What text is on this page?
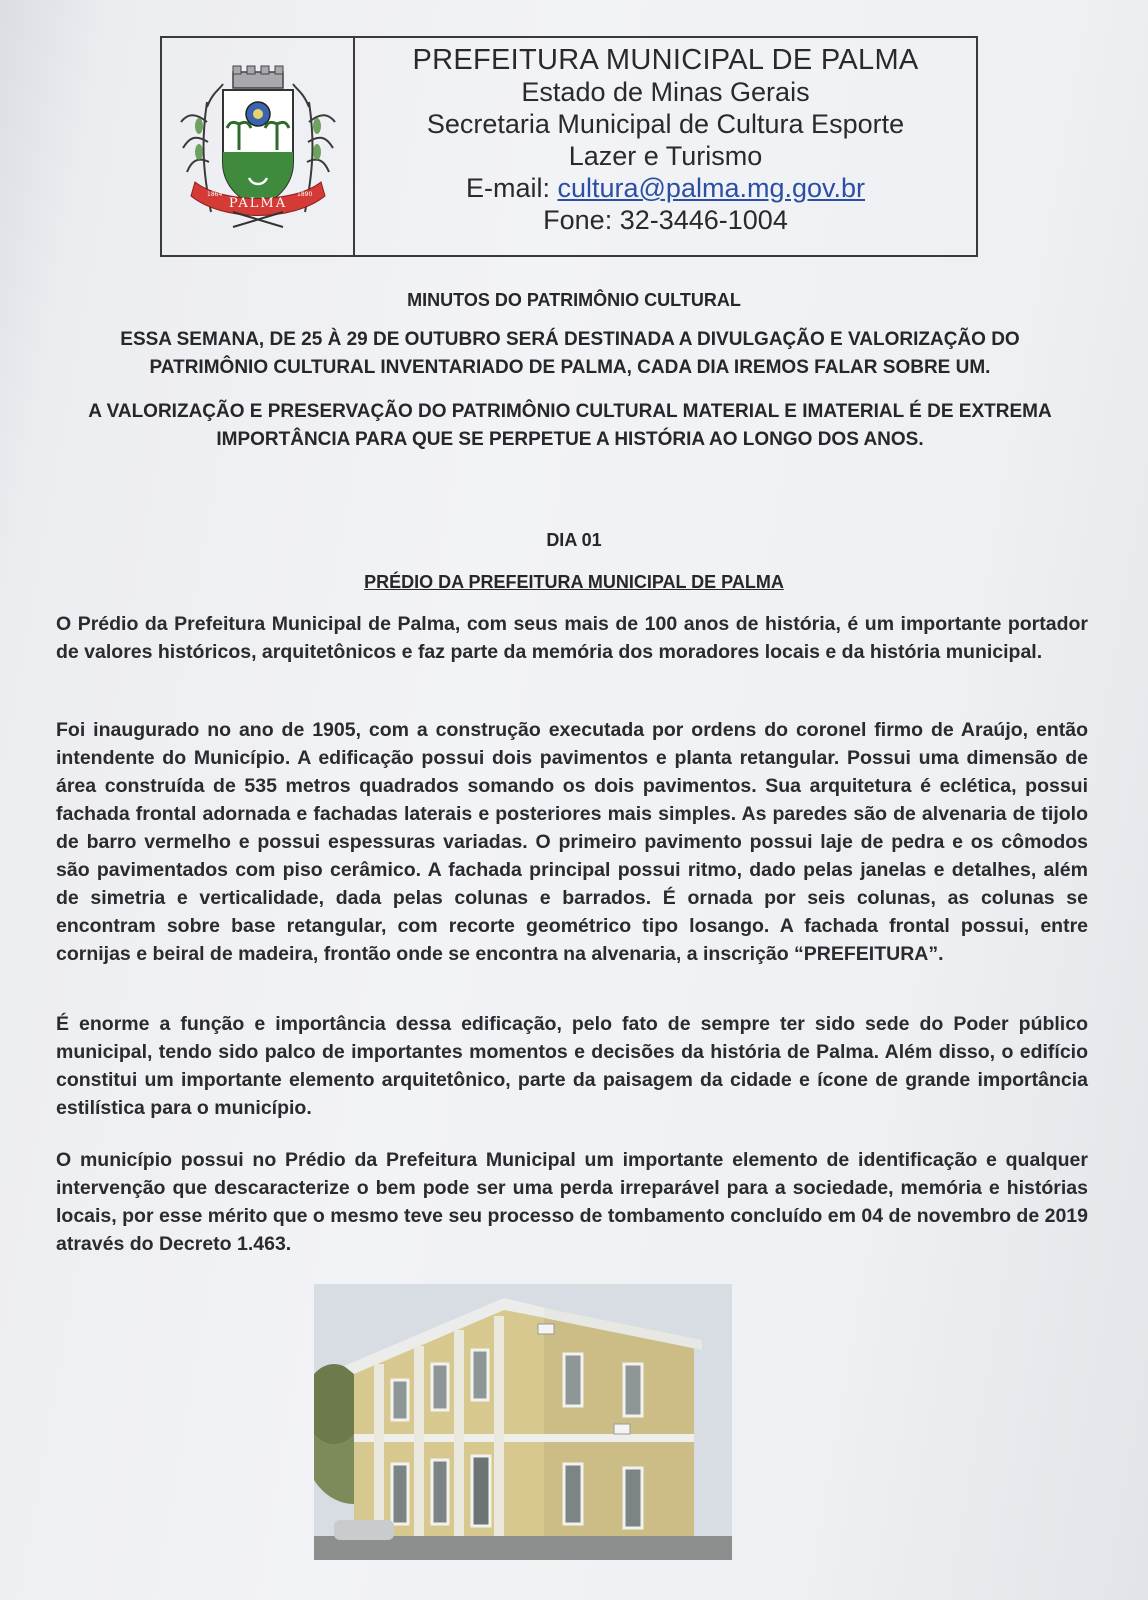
PALMA
1864	1890
PREFEITURA MUNICIPAL DE PALMA
Estado de Minas Gerais
Secretaria Municipal de Cultura Esporte
Lazer e Turismo
E-mail: cultura@palma.mg.gov.br
Fone: 32-3446-1004
MINUTOS DO PATRIMÔNIO CULTURAL
ESSA SEMANA, DE 25 À 29 DE OUTUBRO SERÁ DESTINADA A DIVULGAÇÃO E VALORIZAÇÃO DO PATRIMÔNIO CULTURAL INVENTARIADO DE PALMA, CADA DIA IREMOS FALAR SOBRE UM.
A VALORIZAÇÃO E PRESERVAÇÃO DO PATRIMÔNIO CULTURAL MATERIAL E IMATERIAL É DE EXTREMA IMPORTÂNCIA PARA QUE SE PERPETUE A HISTÓRIA AO LONGO DOS ANOS.
DIA 01
PRÉDIO DA PREFEITURA MUNICIPAL DE PALMA
O Prédio da Prefeitura Municipal de Palma, com seus mais de 100 anos de história, é um importante portador de valores históricos, arquitetônicos e faz parte da memória dos moradores locais e da história municipal.
Foi inaugurado no ano de 1905, com a construção executada por ordens do coronel firmo de Araújo, então intendente do Município. A edificação possui dois pavimentos e planta retangular. Possui uma dimensão de área construída de 535 metros quadrados somando os dois pavimentos. Sua arquitetura é eclética, possui fachada frontal adornada e fachadas laterais e posteriores mais simples. As paredes são de alvenaria de tijolo de barro vermelho e possui espessuras variadas. O primeiro pavimento possui laje de pedra e os cômodos são pavimentados com piso cerâmico. A fachada principal possui ritmo, dado pelas janelas e detalhes, além de simetria e verticalidade, dada pelas colunas e barrados. É ornada por seis colunas, as colunas se encontram sobre base retangular, com recorte geométrico tipo losango. A fachada frontal possui, entre cornijas e beiral de madeira, frontão onde se encontra na alvenaria, a inscrição “PREFEITURA”.
É enorme a função e importância dessa edificação, pelo fato de sempre ter sido sede do Poder público municipal, tendo sido palco de importantes momentos e decisões da história de Palma. Além disso, o edifício constitui um importante elemento arquitetônico, parte da paisagem da cidade e ícone de grande importância estilística para o município.
O município possui no Prédio da Prefeitura Municipal um importante elemento de identificação e qualquer intervenção que descaracterize o bem pode ser uma perda irreparável para a sociedade, memória e histórias locais, por esse mérito que o mesmo teve seu processo de tombamento concluído em 04 de novembro de 2019 através do Decreto 1.463.
